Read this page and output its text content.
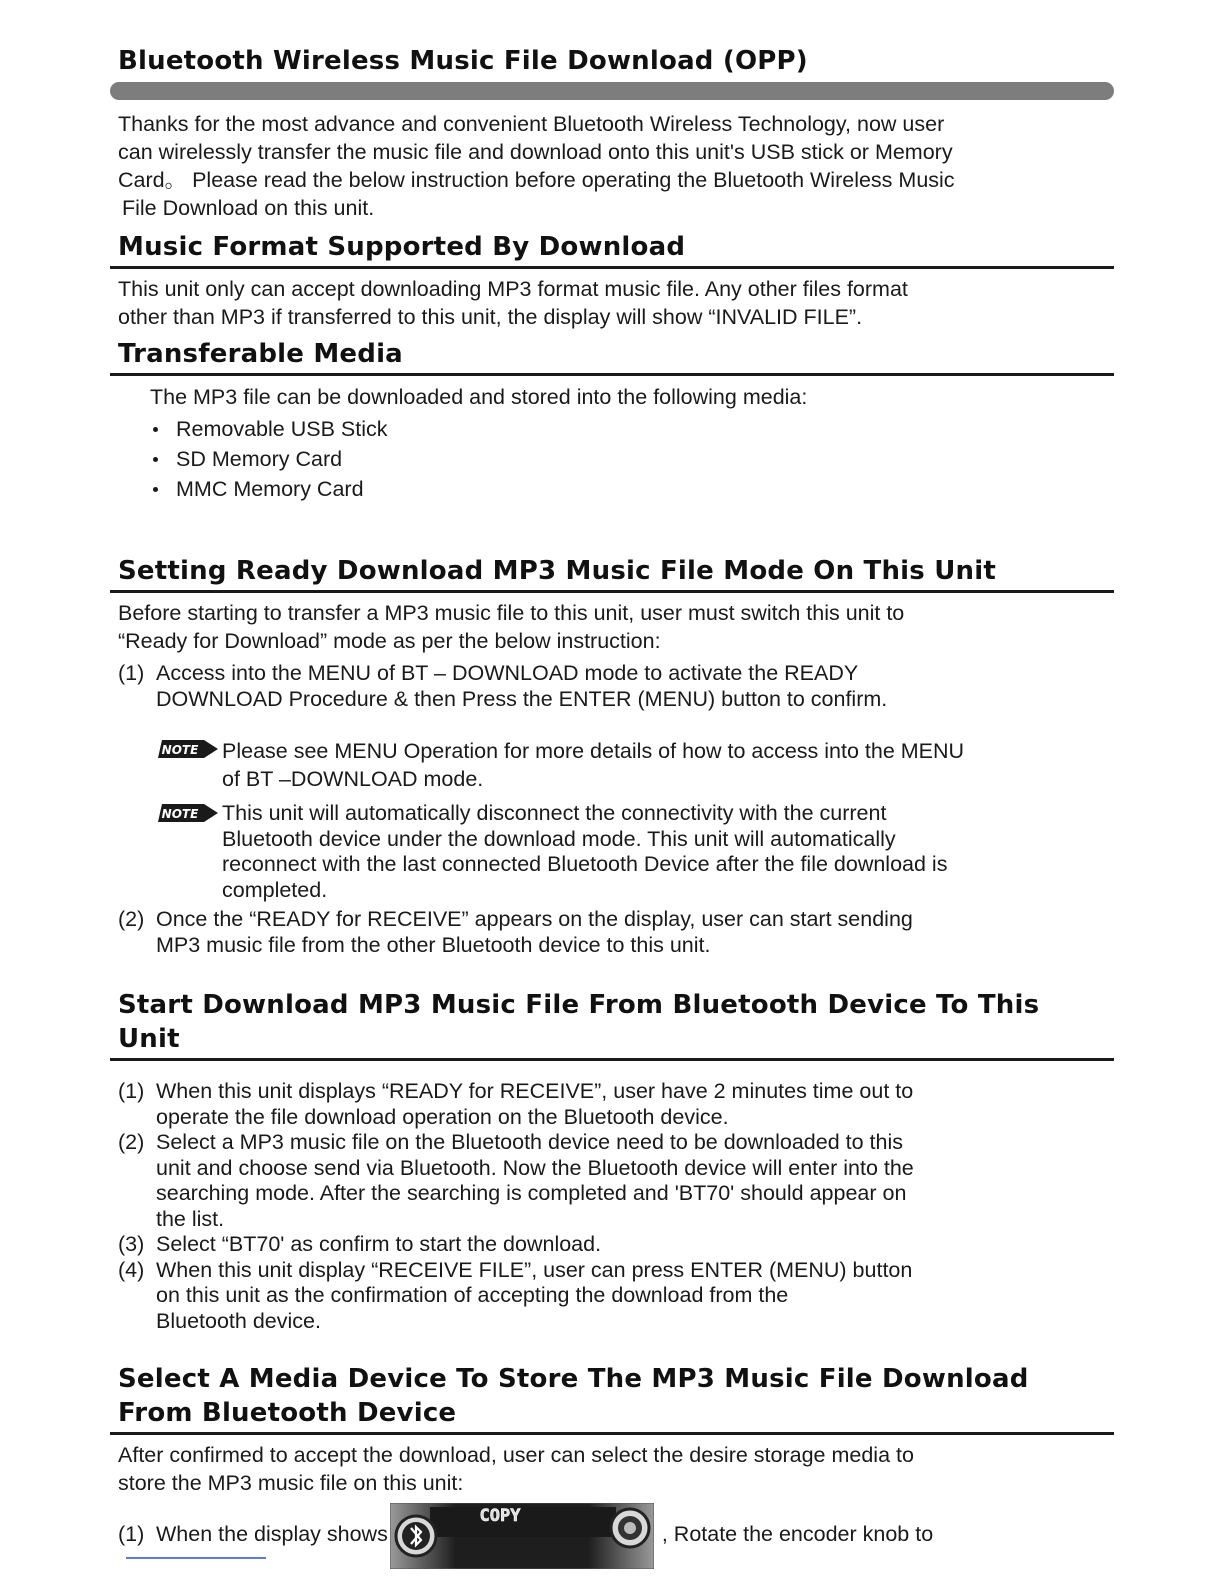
Bluetooth Wireless Music File Download (OPP)

Thanks for the most advance and convenient Bluetooth Wireless Technology, now user

can wirelessly transfer the music file and download onto this unit's USB stick or Memory

Card。 Please read the below instruction before operating the Bluetooth Wireless Music

File Download on this unit.

Music Format Supported By Download

This unit only can accept downloading MP3 format music file. Any other files format

other than MP3 if transferred to this unit, the display will show “INVALID FILE”.

Transferable Media

The MP3 file can be downloaded and stored into the following media:

Removable USB Stick
SD Memory Card
MMC Memory Card
Setting Ready Download MP3 Music File Mode On This Unit

Before starting to transfer a MP3 music file to this unit, user must switch this unit to

“Ready for Download” mode as per the below instruction:

(1) Access into the MENU of BT – DOWNLOAD mode to activate the READY
DOWNLOAD Procedure & then Press the ENTER (MENU) button to confirm.
NOTE Please see MENU Operation for more details of how to access into the MENU
of BT –DOWNLOAD mode.
NOTE This unit will automatically disconnect the connectivity with the current
Bluetooth device under the download mode. This unit will automatically
reconnect with the last connected Bluetooth Device after the file download is
completed.
(2) Once the “READY for RECEIVE” appears on the display, user can start sending
MP3 music file from the other Bluetooth device to this unit.
Start Download MP3 Music File From Bluetooth Device To This Unit
(1) When this unit displays “READY for RECEIVE”, user have 2 minutes time out to
operate the file download operation on the Bluetooth device.
(2) Select a MP3 music file on the Bluetooth device need to be downloaded to this
unit and choose send via Bluetooth. Now the Bluetooth device will enter into the
searching mode. After the searching is completed and 'BT70' should appear on
the list.
(3) Select “BT70' as confirm to start the download.
(4) When this unit display “RECEIVE FILE”, user can press ENTER (MENU) button
on this unit as the confirmation of accepting the download from the
Bluetooth device.
Select A Media Device To Store The MP3 Music File Download
From Bluetooth Device

After confirmed to accept the download, user can select the desire storage media to

store the MP3 music file on this unit:

(1) When the display shows
COPY
, Rotate the encoder knob to
